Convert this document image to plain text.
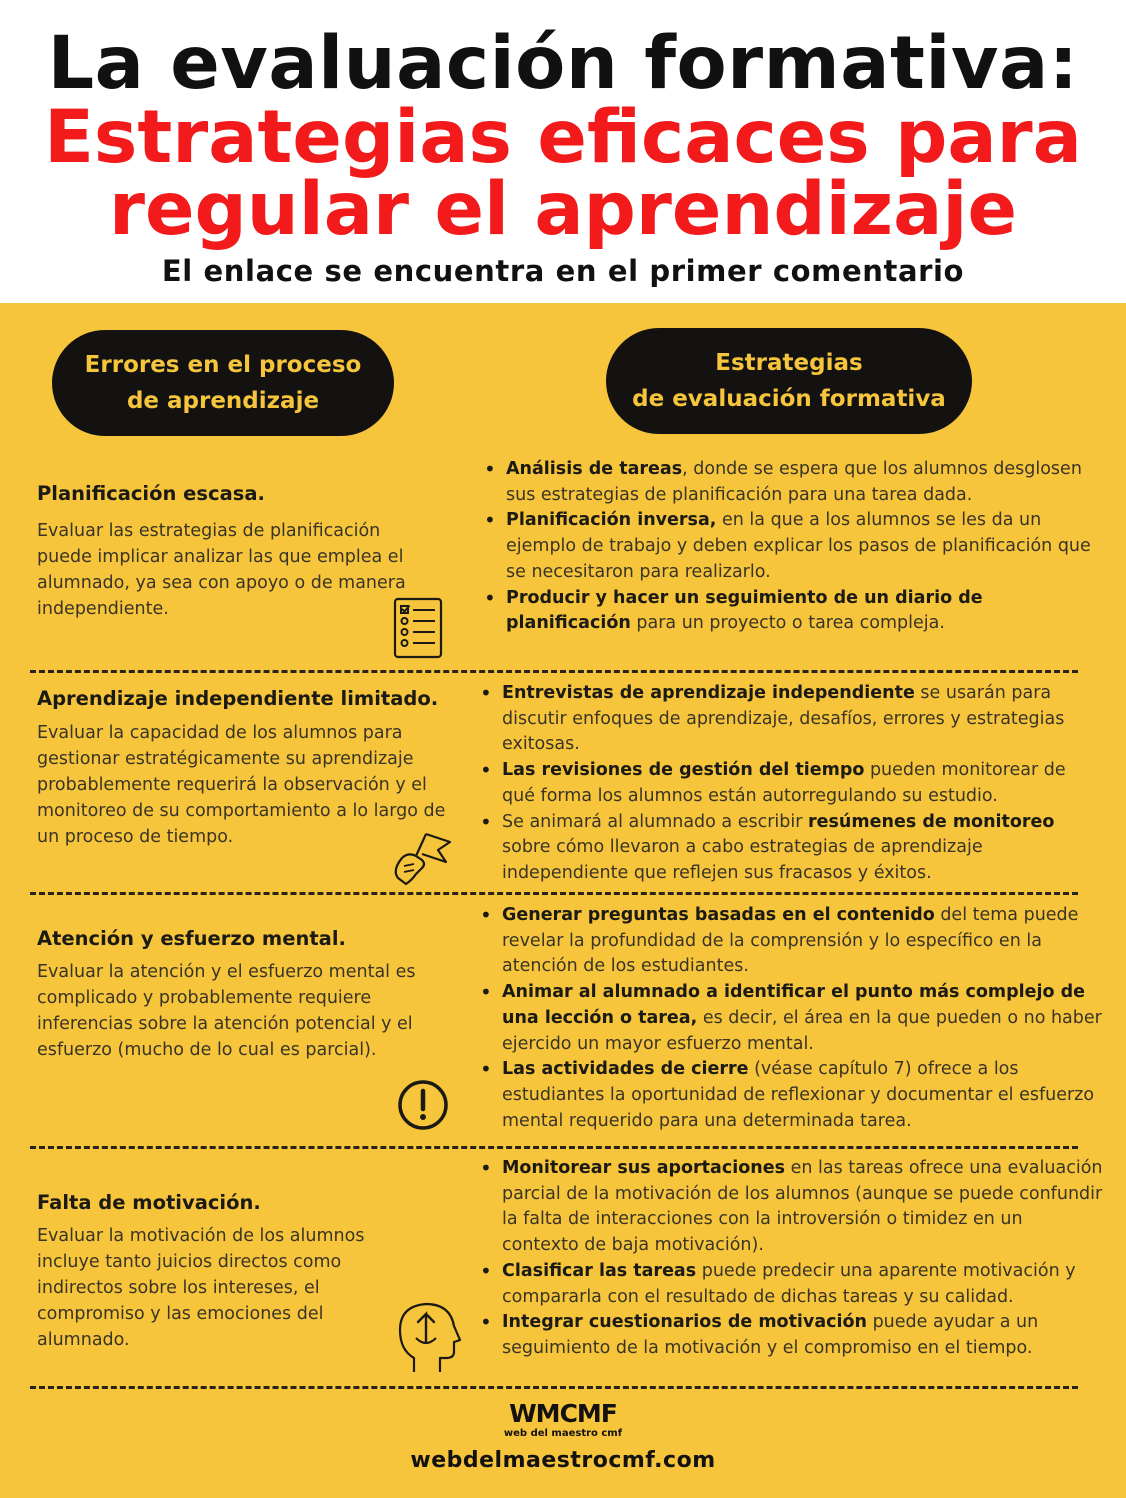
La evaluación formativa:
Estrategias eficaces para
regular el aprendizaje
El enlace se encuentra en el primer comentario
Errores en el proceso
de aprendizaje
Estrategias
de evaluación formativa
Planificación escasa.
Evaluar las estrategias de planificación puede implicar analizar las que emplea el alumnado, ya sea con apoyo o de manera independiente.
• Análisis de tareas, donde se espera que los alumnos desglosen sus estrategias de planificación para una tarea dada.
• Planificación inversa, en la que a los alumnos se les da un ejemplo de trabajo y deben explicar los pasos de planificación que se necesitaron para realizarlo.
• Producir y hacer un seguimiento de un diario de planificación para un proyecto o tarea compleja.
Aprendizaje independiente limitado.
Evaluar la capacidad de los alumnos para gestionar estratégicamente su aprendizaje probablemente requerirá la observación y el monitoreo de su comportamiento a lo largo de un proceso de tiempo.
• Entrevistas de aprendizaje independiente se usarán para discutir enfoques de aprendizaje, desafíos, errores y estrategias exitosas.
• Las revisiones de gestión del tiempo pueden monitorear de qué forma los alumnos están autorregulando su estudio.
• Se animará al alumnado a escribir resúmenes de monitoreo sobre cómo llevaron a cabo estrategias de aprendizaje independiente que reflejen sus fracasos y éxitos.
Atención y esfuerzo mental.
Evaluar la atención y el esfuerzo mental es complicado y probablemente requiere inferencias sobre la atención potencial y el esfuerzo (mucho de lo cual es parcial).
• Generar preguntas basadas en el contenido del tema puede revelar la profundidad de la comprensión y lo específico en la atención de los estudiantes.
• Animar al alumnado a identificar el punto más complejo de una lección o tarea, es decir, el área en la que pueden o no haber ejercido un mayor esfuerzo mental.
• Las actividades de cierre (véase capítulo 7) ofrece a los estudiantes la oportunidad de reflexionar y documentar el esfuerzo mental requerido para una determinada tarea.
Falta de motivación.
Evaluar la motivación de los alumnos incluye tanto juicios directos como indirectos sobre los intereses, el compromiso y las emociones del alumnado.
• Monitorear sus aportaciones en las tareas ofrece una evaluación parcial de la motivación de los alumnos (aunque se puede confundir la falta de interacciones con la introversión o timidez en un contexto de baja motivación).
• Clasificar las tareas puede predecir una aparente motivación y compararla con el resultado de dichas tareas y su calidad.
• Integrar cuestionarios de motivación puede ayudar a un seguimiento de la motivación y el compromiso en el tiempo.
WMCMF
web del maestro cmf
webdelmaestrocmf.com
